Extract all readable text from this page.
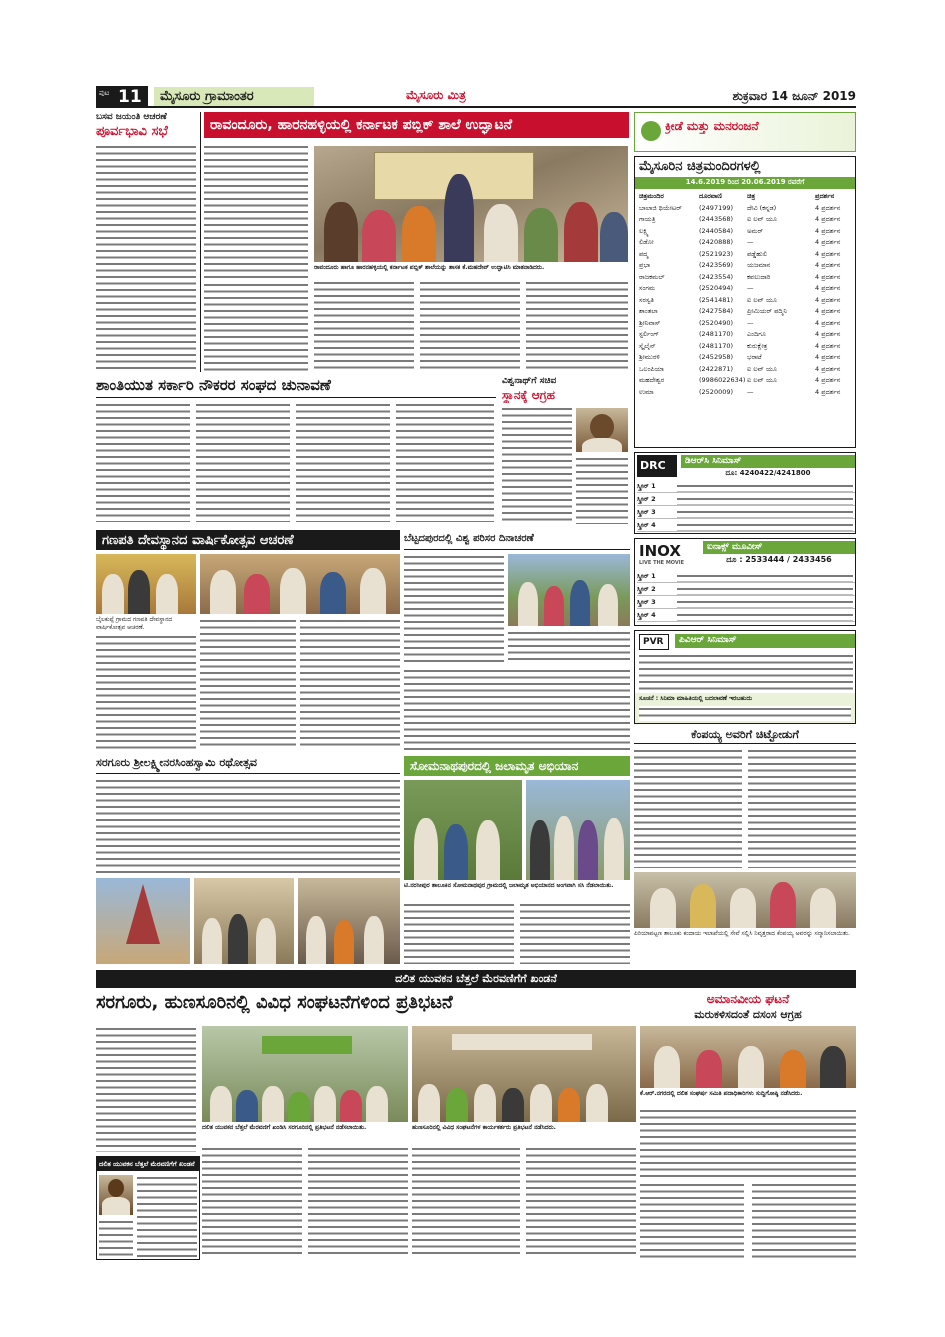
ಪುಟ 11	ಮೈಸೂರು ಗ್ರಾಮಾಂತರ	ಮೈಸೂರು ಮಿತ್ರ	ಶುಕ್ರವಾರ 14 ಜೂನ್ 2019
ಬಸವ ಜಯಂತಿ ಆಚರಣೆ
ಪೂರ್ವಭಾವಿ ಸಭೆ	ರಾವಂದೂರು, ಹಾರನಹಳ್ಳಿಯಲ್ಲಿ ಕರ್ನಾಟಕ ಪಬ್ಲಿಕ್ ಶಾಲೆ ಉದ್ಘಾಟನೆ
ರಾವಂದೂರು ಹಾಗೂ ಹಾರನಹಳ್ಳಿಯಲ್ಲಿ ಕರ್ನಾಟಕ ಪಬ್ಲಿಕ್ ಶಾಲೆಯನ್ನು ಶಾಸಕ ಕೆ.ಮಹದೇವ್ ಉದ್ಘಾಟಿಸಿ ಮಾತನಾಡಿದರು.
ಕ್ರೀಡೆ ಮತ್ತು ಮನರಂಜನೆ
ಮೈಸೂರಿನ ಚಿತ್ರಮಂದಿರಗಳಲ್ಲಿ
14.6.2019 ರಿಂದ 20.06.2019 ರವರೆಗೆ
ಚಿತ್ರಮಂದಿರ	ದೂರವಾಣಿ	ಚಿತ್ರ	ಪ್ರದರ್ಶನ
ಬಾಲಾಜಿ ಥಿಯೇಟರ್	(2497199) ದೇವಿ (ಕನ್ನಡ)	4 ಪ್ರದರ್ಶನ
ಗಾಯತ್ರಿ	(2443568) ಐ ಲವ್ ಯೂ	4 ಪ್ರದರ್ಶನ
ಲಕ್ಷ್ಮಿ	(2440584) ಅಮರ್	4 ಪ್ರದರ್ಶನ
ಲಿಡೋ	(2420888) —	4 ಪ್ರದರ್ಶನ
ಪದ್ಮ	(2521923) ಪಡ್ಡೆಹುಲಿ	4 ಪ್ರದರ್ಶನ
ಪ್ರಭಾ	(2423569) ಯಜಮಾನ	4 ಪ್ರದರ್ಶನ
ರಾಜಕಮಲ್	(2423554) ಕವಲುದಾರಿ	4 ಪ್ರದರ್ಶನ
ಸಂಗಮ	(2520494) —	4 ಪ್ರದರ್ಶನ
ಸರಸ್ವತಿ	(2541481) ಐ ಲವ್ ಯೂ	4 ಪ್ರದರ್ಶನ
ಶಾಂತಲಾ	(2427584) ಪ್ರೀಮಿಯರ್ ಪದ್ಮಿನಿ	4 ಪ್ರದರ್ಶನ
ಶ್ರೀನಿವಾಸ್	(2520490) —	4 ಪ್ರದರ್ಶನ
ಸ್ಟರ್ಲಿಂಗ್	(2481170) ಎಂದಿಗೂ	4 ಪ್ರದರ್ಶನ
ಸ್ಕೈಲೈನ್	(2481170) ಕುರುಕ್ಷೇತ್ರ	4 ಪ್ರದರ್ಶನ
ಶ್ರೀಮುರಳಿ	(2452958) ಭರಾಟೆ	4 ಪ್ರದರ್ಶನ
ಒಲಂಪಿಯಾ	(2422871) ಐ ಲವ್ ಯೂ	4 ಪ್ರದರ್ಶನ
ಮಹದೇಶ್ವರ	(9986022634) ಐ ಲವ್ ಯೂ	4 ಪ್ರದರ್ಶನ
ಉಮಾ	(2520009) —	4 ಪ್ರದರ್ಶನ
DRC	ಡಿಆರ್‌ಸಿ ಸಿನಿಮಾಸ್
ದೂ: 4240422/4241800
ಸ್ಕ್ರೀನ್ 1
ಸ್ಕ್ರೀನ್ 2
ಸ್ಕ್ರೀನ್ 3
ಸ್ಕ್ರೀನ್ 4
INOX
LIVE THE MOVIE
ಐನಾಕ್ಸ್ ಮೂವೀಸ್
ದೂ : 2533444 / 2433456
ಸ್ಕ್ರೀನ್ 1
ಸ್ಕ್ರೀನ್ 2
ಸ್ಕ್ರೀನ್ 3
ಸ್ಕ್ರೀನ್ 4
PVR	ಪಿವಿಆರ್ ಸಿನಿಮಾಸ್
ಸೂಚನೆ : ಸಿನಿಮಾ ಮಾಹಿತಿಯಲ್ಲಿ ಬದಲಾವಣೆ ಇರಬಹುದು
ಶಾಂತಿಯುತ ಸರ್ಕಾರಿ ನೌಕರರ ಸಂಘದ ಚುನಾವಣೆ	ವಿಶ್ವನಾಥ್‌ಗೆ ಸಚಿವ
ಸ್ಥಾನಕ್ಕೆ ಆಗ್ರಹ
ಗಣಪತಿ ದೇವಸ್ಥಾನದ ವಾರ್ಷಿಕೋತ್ಸವ ಆಚರಣೆ
ಬೈಲಕುಪ್ಪೆ ಗ್ರಾಮದ ಗಣಪತಿ ದೇವಸ್ಥಾನದ ವಾರ್ಷಿಕೋತ್ಸವ ಆಚರಣೆ.
ಬೆಟ್ಟದಪುರದಲ್ಲಿ ವಿಶ್ವ ಪರಿಸರ ದಿನಾಚರಣೆ
ಸರಗೂರು ಶ್ರೀಲಕ್ಷ್ಮೀನರಸಿಂಹಸ್ವಾಮಿ ರಥೋತ್ಸವ	ಸೋಮನಾಥಪುರದಲ್ಲಿ ಜಲಾಮೃತ ಅಭಿಯಾನ
ಟಿ.ನರಸೀಪುರ ತಾಲೂಕಿನ ಸೋಮನಾಥಪುರ ಗ್ರಾಮದಲ್ಲಿ ಜಲಾಮೃತ ಅಭಿಯಾನದ ಅಂಗವಾಗಿ ಸಸಿ ನೆಡಲಾಯಿತು.
ಕೆಂಪಯ್ಯ ಅವರಿಗೆ ಚಿಟ್ಟೋಡುಗೆ
ಪಿರಿಯಾಪಟ್ಟಣ ತಾಲೂಕು ಕಂದಾಯ ಇಲಾಖೆಯಲ್ಲಿ ಸೇವೆ ಸಲ್ಲಿಸಿ ನಿವೃತ್ತರಾದ ಕೆಂಪಯ್ಯ ಅವರನ್ನು ಸನ್ಮಾನಿಸಲಾಯಿತು.
ದಲಿತ ಯುವಕನ ಬೆತ್ತಲೆ ಮೆರವಣಿಗೆಗೆ ಖಂಡನೆ
ಸರಗೂರು, ಹುಣಸೂರಿನಲ್ಲಿ ವಿವಿಧ ಸಂಘಟನೆಗಳಿಂದ ಪ್ರತಿಭಟನೆ
ದಲಿತ ಯುವಕನ ಬೆತ್ತಲೆ ಮೆರವಣಿಗೆ ಖಂಡಿಸಿ ಸರಗೂರಿನಲ್ಲಿ ಪ್ರತಿಭಟನೆ ನಡೆಸಲಾಯಿತು.	ಹುಣಸೂರಿನಲ್ಲಿ ವಿವಿಧ ಸಂಘಟನೆಗಳ ಕಾರ್ಯಕರ್ತರು ಪ್ರತಿಭಟನೆ ನಡೆಸಿದರು.
ದಲಿತ ಯುವಕನ ಬೆತ್ತಲೆ ಮೆರವಣಿಗೆಗೆ ಖಂಡನೆ
ಅಮಾನವೀಯ ಘಟನೆ
ಮರುಕಳಿಸದಂತೆ ದಸಂಸ ಆಗ್ರಹ
ಕೆ.ಆರ್.ನಗರದಲ್ಲಿ ದಲಿತ ಸಂಘರ್ಷ ಸಮಿತಿ ಪದಾಧಿಕಾರಿಗಳು ಸುದ್ದಿಗೋಷ್ಠಿ ನಡೆಸಿದರು.
